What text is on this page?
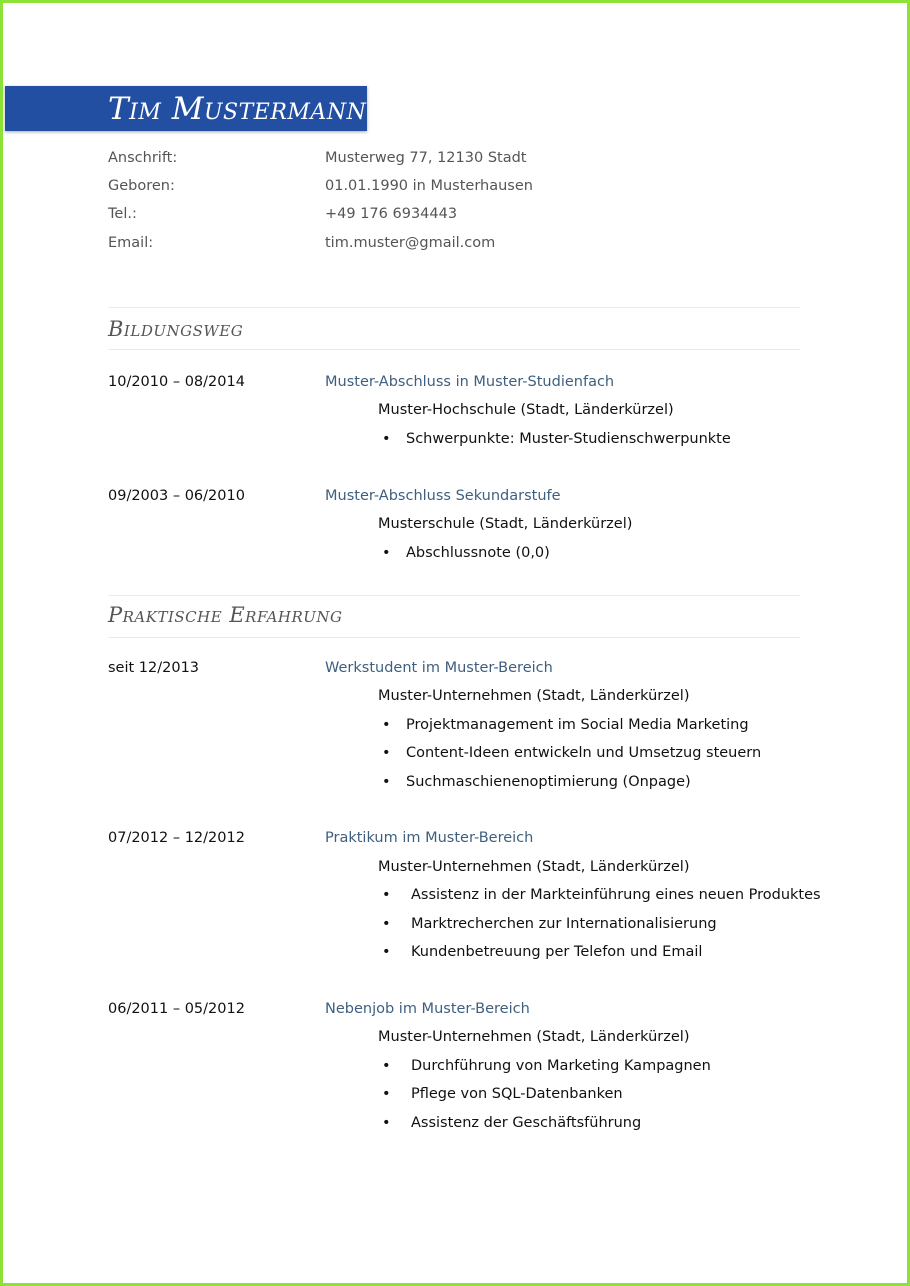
Tim Mustermann
Anschrift:	Musterweg 77, 12130 Stadt
Geboren:	01.01.1990 in Musterhausen
Tel.:	+49 176 6934443
Email:	tim.muster@gmail.com
Bildungsweg
10/2010 – 08/2014	Muster-Abschluss in Muster-Studienfach
Muster-Hochschule (Stadt, Länderkürzel)
• Schwerpunkte: Muster-Studienschwerpunkte
09/2003 – 06/2010	Muster-Abschluss Sekundarstufe
Musterschule (Stadt, Länderkürzel)
• Abschlussnote (0,0)
Praktische Erfahrung
seit 12/2013	Werkstudent im Muster-Bereich
Muster-Unternehmen (Stadt, Länderkürzel)
• Projektmanagement im Social Media Marketing
• Content-Ideen entwickeln und Umsetzug steuern
• Suchmaschienenoptimierung (Onpage)
07/2012 – 12/2012	Praktikum im Muster-Bereich
Muster-Unternehmen (Stadt, Länderkürzel)
• Assistenz in der Markteinführung eines neuen Produktes
• Marktrecherchen zur Internationalisierung
• Kundenbetreuung per Telefon und Email
06/2011 – 05/2012	Nebenjob im Muster-Bereich
Muster-Unternehmen (Stadt, Länderkürzel)
• Durchführung von Marketing Kampagnen
• Pflege von SQL-Datenbanken
• Assistenz der Geschäftsführung
